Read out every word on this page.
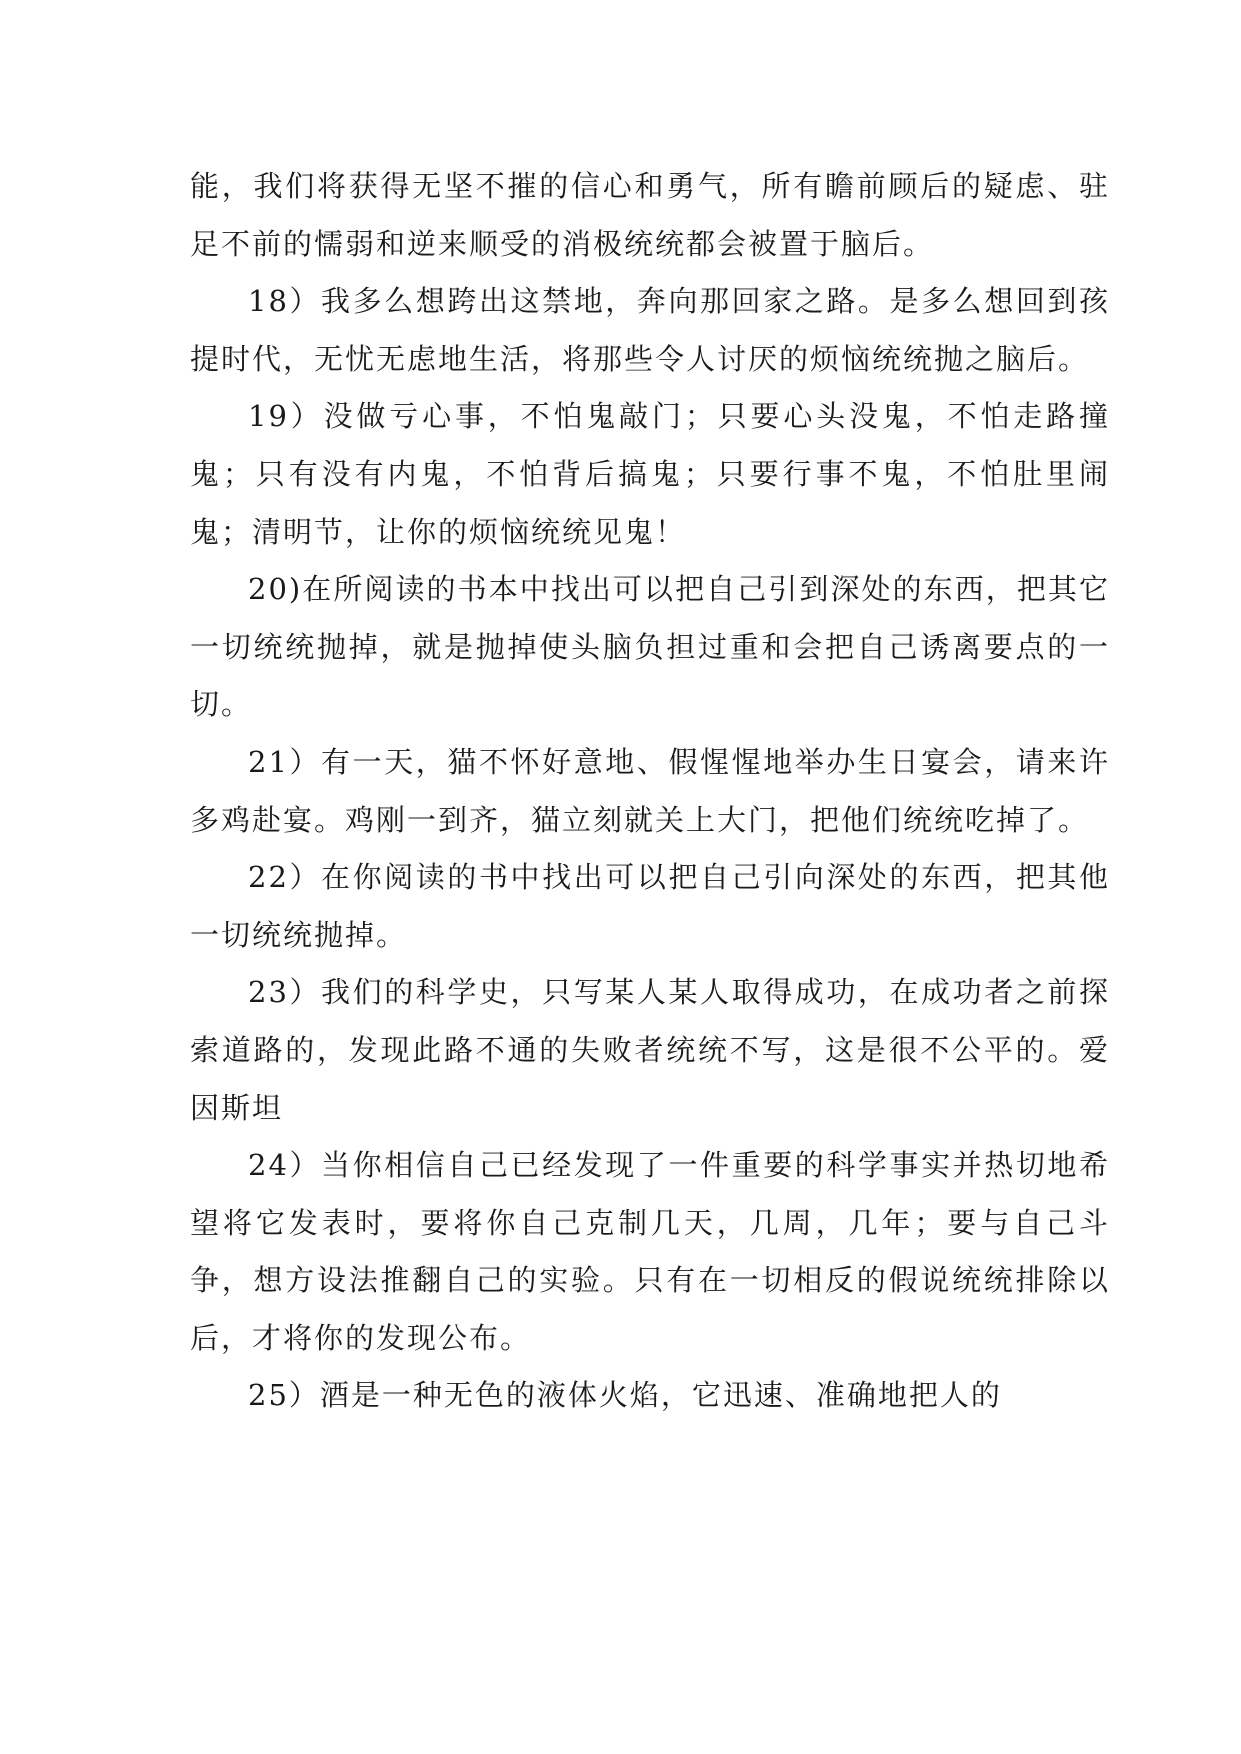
能，我们将获得无坚不摧的信心和勇气，所有瞻前顾后的疑虑、驻足不前的懦弱和逆来顺受的消极统统都会被置于脑后。

18）我多么想跨出这禁地，奔向那回家之路。是多么想回到孩提时代，无忧无虑地生活，将那些令人讨厌的烦恼统统抛之脑后。

19）没做亏心事，不怕鬼敲门；只要心头没鬼，不怕走路撞鬼；只有没有内鬼，不怕背后搞鬼；只要行事不鬼，不怕肚里闹鬼；清明节，让你的烦恼统统见鬼！

20)在所阅读的书本中找出可以把自己引到深处的东西，把其它一切统统抛掉，就是抛掉使头脑负担过重和会把自己诱离要点的一切。

21）有一天，猫不怀好意地、假惺惺地举办生日宴会，请来许多鸡赴宴。鸡刚一到齐，猫立刻就关上大门，把他们统统吃掉了。

22）在你阅读的书中找出可以把自己引向深处的东西，把其他一切统统抛掉。

23）我们的科学史，只写某人某人取得成功，在成功者之前探索道路的，发现此路不通的失败者统统不写，这是很不公平的。爱因斯坦

24）当你相信自己已经发现了一件重要的科学事实并热切地希望将它发表时，要将你自己克制几天，几周，几年；要与自己斗争，想方设法推翻自己的实验。只有在一切相反的假说统统排除以后，才将你的发现公布。

25）酒是一种无色的液体火焰，它迅速、准确地把人的
